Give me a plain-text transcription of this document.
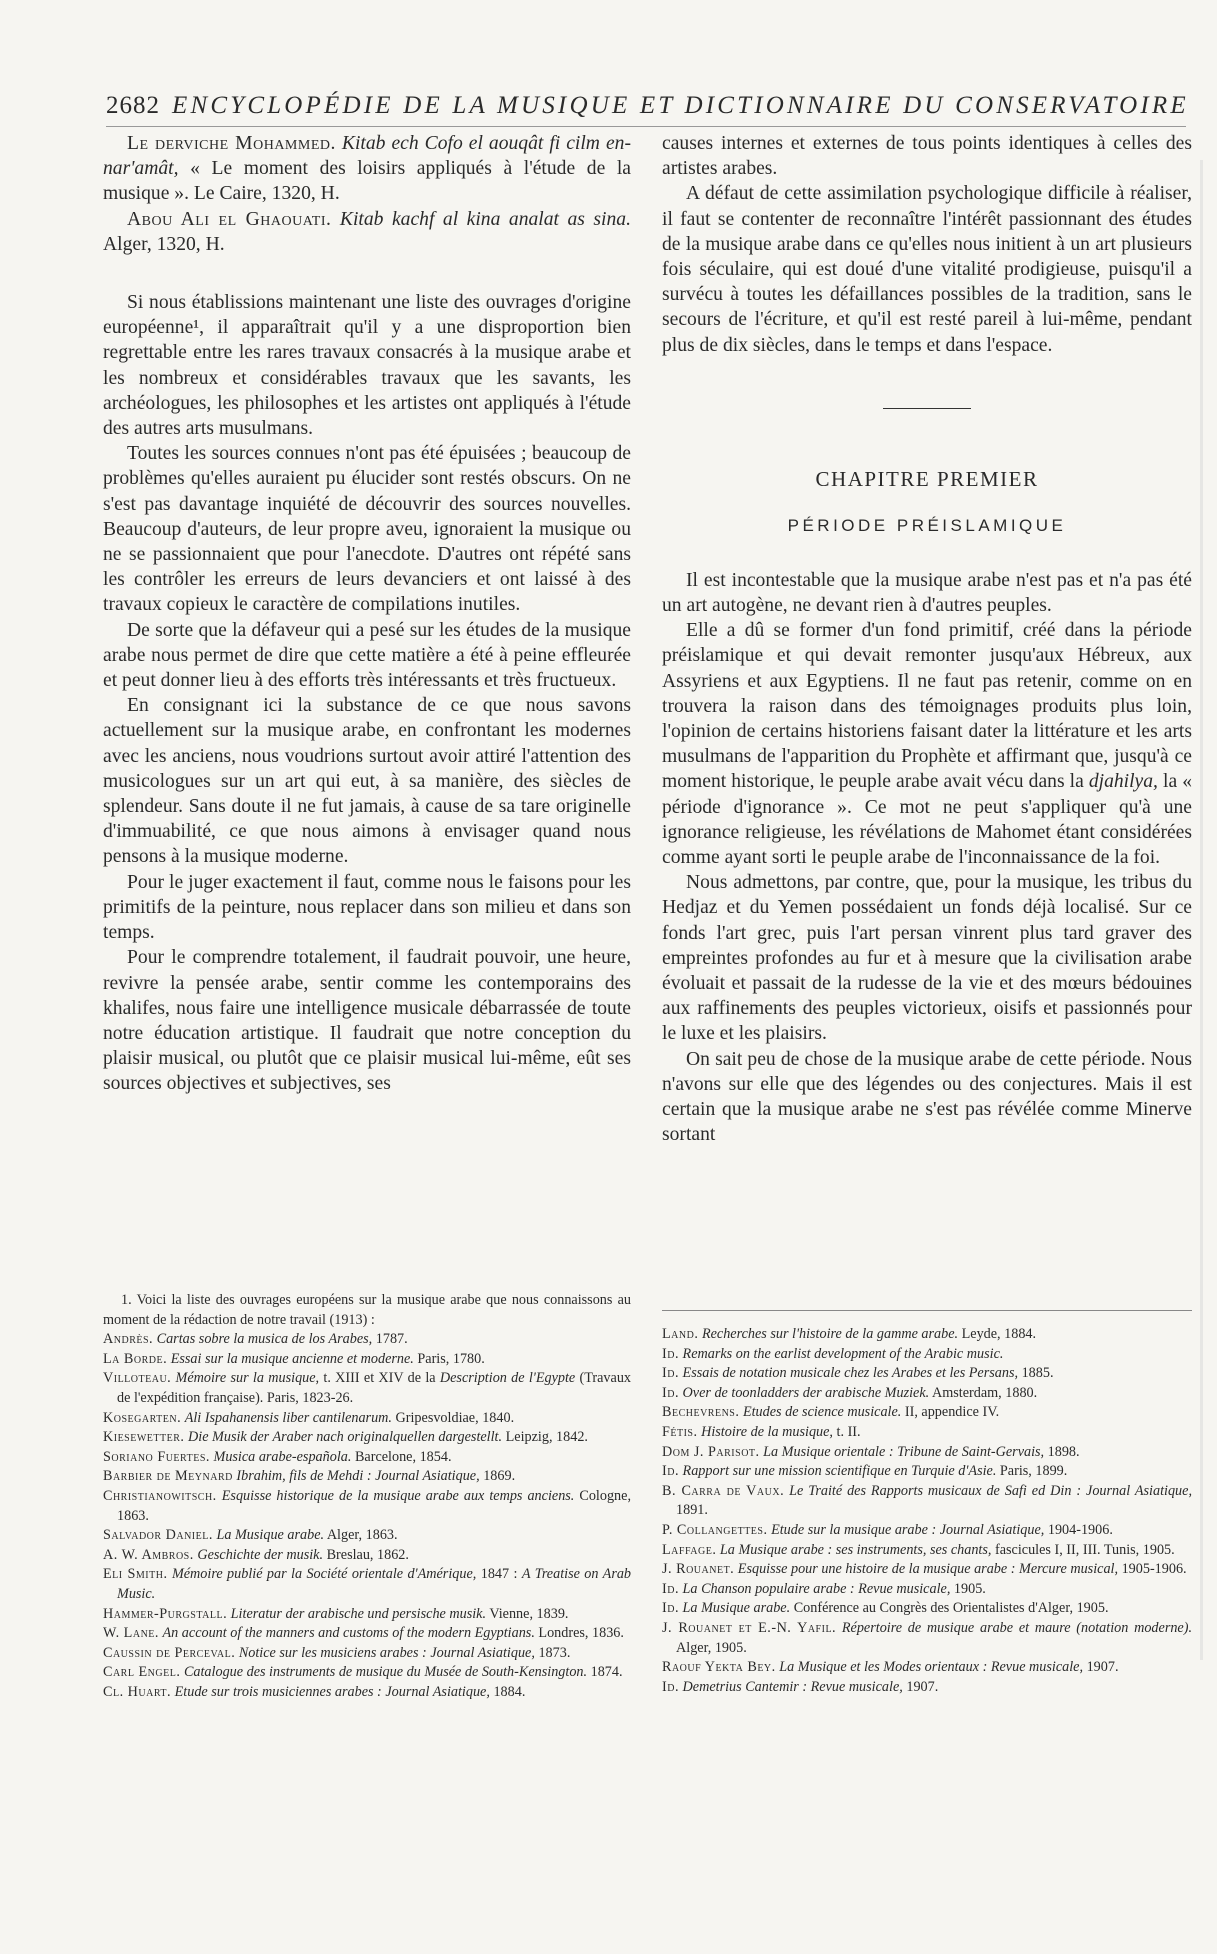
2682 ENCYCLOPÉDIE DE LA MUSIQUE ET DICTIONNAIRE DU CONSERVATOIRE

Le derviche Mohammed. Kitab ech Cofo el aouqât fi cilm en-nar'amât, « Le moment des loisirs appliqués à l'étude de la musique ». Le Caire, 1320, H.

Abou Ali el Ghaouati. Kitab kachf al kina analat as sina. Alger, 1320, H.

Si nous établissions maintenant une liste des ouvrages d'origine européenne¹, il apparaîtrait qu'il y a une disproportion bien regrettable entre les rares travaux consacrés à la musique arabe et les nombreux et considérables travaux que les savants, les archéologues, les philosophes et les artistes ont appliqués à l'étude des autres arts musulmans.

Toutes les sources connues n'ont pas été épuisées ; beaucoup de problèmes qu'elles auraient pu élucider sont restés obscurs. On ne s'est pas davantage inquiété de découvrir des sources nouvelles. Beaucoup d'auteurs, de leur propre aveu, ignoraient la musique ou ne se passionnaient que pour l'anecdote. D'autres ont répété sans les contrôler les erreurs de leurs devanciers et ont laissé à des travaux copieux le caractère de compilations inutiles.

De sorte que la défaveur qui a pesé sur les études de la musique arabe nous permet de dire que cette matière a été à peine effleurée et peut donner lieu à des efforts très intéressants et très fructueux.

En consignant ici la substance de ce que nous savons actuellement sur la musique arabe, en confrontant les modernes avec les anciens, nous voudrions surtout avoir attiré l'attention des musicologues sur un art qui eut, à sa manière, des siècles de splendeur. Sans doute il ne fut jamais, à cause de sa tare originelle d'immuabilité, ce que nous aimons à envisager quand nous pensons à la musique moderne.

Pour le juger exactement il faut, comme nous le faisons pour les primitifs de la peinture, nous replacer dans son milieu et dans son temps.

Pour le comprendre totalement, il faudrait pouvoir, une heure, revivre la pensée arabe, sentir comme les contemporains des khalifes, nous faire une intelligence musicale débarrassée de toute notre éducation artistique. Il faudrait que notre conception du plaisir musical, ou plutôt que ce plaisir musical lui-même, eût ses sources objectives et subjectives, ses

causes internes et externes de tous points identiques à celles des artistes arabes.

A défaut de cette assimilation psychologique difficile à réaliser, il faut se contenter de reconnaître l'intérêt passionnant des études de la musique arabe dans ce qu'elles nous initient à un art plusieurs fois séculaire, qui est doué d'une vitalité prodigieuse, puisqu'il a survécu à toutes les défaillances possibles de la tradition, sans le secours de l'écriture, et qu'il est resté pareil à lui-même, pendant plus de dix siècles, dans le temps et dans l'espace.

CHAPITRE PREMIER
PÉRIODE PRÉISLAMIQUE

Il est incontestable que la musique arabe n'est pas et n'a pas été un art autogène, ne devant rien à d'autres peuples.

Elle a dû se former d'un fond primitif, créé dans la période préislamique et qui devait remonter jusqu'aux Hébreux, aux Assyriens et aux Egyptiens. Il ne faut pas retenir, comme on en trouvera la raison dans des témoignages produits plus loin, l'opinion de certains historiens faisant dater la littérature et les arts musulmans de l'apparition du Prophète et affirmant que, jusqu'à ce moment historique, le peuple arabe avait vécu dans la djahilya, la « période d'ignorance ». Ce mot ne peut s'appliquer qu'à une ignorance religieuse, les révélations de Mahomet étant considérées comme ayant sorti le peuple arabe de l'inconnaissance de la foi.

Nous admettons, par contre, que, pour la musique, les tribus du Hedjaz et du Yemen possédaient un fonds déjà localisé. Sur ce fonds l'art grec, puis l'art persan vinrent plus tard graver des empreintes profondes au fur et à mesure que la civilisation arabe évoluait et passait de la rudesse de la vie et des mœurs bédouines aux raffinements des peuples victorieux, oisifs et passionnés pour le luxe et les plaisirs.

On sait peu de chose de la musique arabe de cette période. Nous n'avons sur elle que des légendes ou des conjectures. Mais il est certain que la musique arabe ne s'est pas révélée comme Minerve sortant

1. Voici la liste des ouvrages européens sur la musique arabe que nous connaissons au moment de la rédaction de notre travail (1913) :

Andrès. Cartas sobre la musica de los Arabes, 1787.

La Borde. Essai sur la musique ancienne et moderne. Paris, 1780.

Villoteau. Mémoire sur la musique, t. XIII et XIV de la Description de l'Egypte (Travaux de l'expédition française). Paris, 1823-26.

Kosegarten. Ali Ispahanensis liber cantilenarum. Gripesvoldiae, 1840.

Kiesewetter. Die Musik der Araber nach originalquellen dargestellt. Leipzig, 1842.

Soriano Fuertes. Musica arabe-española. Barcelone, 1854.

Barbier de Meynard Ibrahim, fils de Mehdi : Journal Asiatique, 1869.

Christianowitsch. Esquisse historique de la musique arabe aux temps anciens. Cologne, 1863.

Salvador Daniel. La Musique arabe. Alger, 1863.

A. W. Ambros. Geschichte der musik. Breslau, 1862.

Eli Smith. Mémoire publié par la Société orientale d'Amérique, 1847 : A Treatise on Arab Music.

Hammer-Purgstall. Literatur der arabische und persische musik. Vienne, 1839.

W. Lane. An account of the manners and customs of the modern Egyptians. Londres, 1836.

Caussin de Perceval. Notice sur les musiciens arabes : Journal Asiatique, 1873.

Carl Engel. Catalogue des instruments de musique du Musée de South-Kensington. 1874.

Cl. Huart. Etude sur trois musiciennes arabes : Journal Asiatique, 1884.

Land. Recherches sur l'histoire de la gamme arabe. Leyde, 1884.

Id. Remarks on the earlist development of the Arabic music.

Id. Essais de notation musicale chez les Arabes et les Persans, 1885.

Id. Over de toonladders der arabische Muziek. Amsterdam, 1880.

Bechevrens. Etudes de science musicale. II, appendice IV.

Fétis. Histoire de la musique, t. II.

Dom J. Parisot. La Musique orientale : Tribune de Saint-Gervais, 1898.

Id. Rapport sur une mission scientifique en Turquie d'Asie. Paris, 1899.

B. Carra de Vaux. Le Traité des Rapports musicaux de Safi ed Din : Journal Asiatique, 1891.

P. Collangettes. Etude sur la musique arabe : Journal Asiatique, 1904-1906.

Laffage. La Musique arabe : ses instruments, ses chants, fascicules I, II, III. Tunis, 1905.

J. Rouanet. Esquisse pour une histoire de la musique arabe : Mercure musical, 1905-1906.

Id. La Chanson populaire arabe : Revue musicale, 1905.

Id. La Musique arabe. Conférence au Congrès des Orientalistes d'Alger, 1905.

J. Rouanet et E.-N. Yafil. Répertoire de musique arabe et maure (notation moderne). Alger, 1905.

Raouf Yekta Bey. La Musique et les Modes orientaux : Revue musicale, 1907.

Id. Demetrius Cantemir : Revue musicale, 1907.
